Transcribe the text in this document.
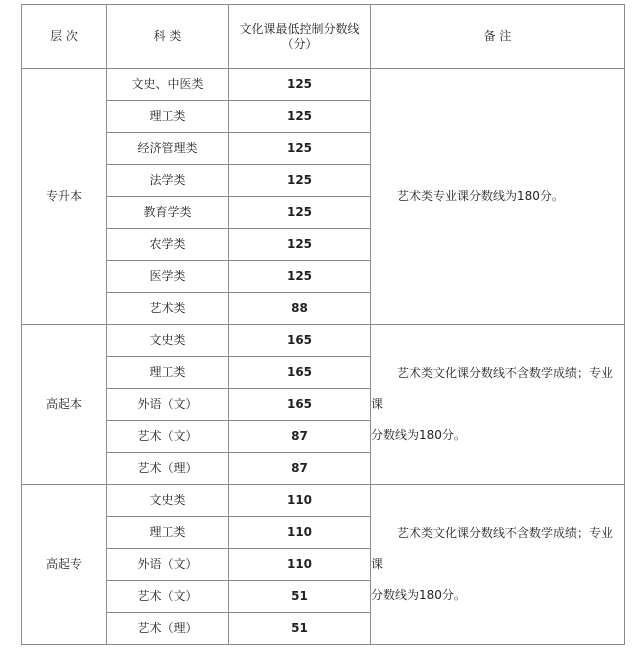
层 次	科 类	文化课最低控制分数线
（分）	备 注
专升本	文史、中医类	125	艺术类专业课分数线为180分。

	理工类	125	
	经济管理类	125	
	法学类	125	
	教育学类	125	
	农学类	125	
	医学类	125	
	艺术类	88	
高起本	文史类	165	艺术类文化课分数线不含数学成绩；专业课
分数线为180分。

	理工类	165	
	外语（文）	165	
	艺术（文）	87	
	艺术（理）	87	
高起专	文史类	110	艺术类文化课分数线不含数学成绩；专业课
分数线为180分。

	理工类	110	
	外语（文）	110	
	艺术（文）	51	
	艺术（理）	51	
